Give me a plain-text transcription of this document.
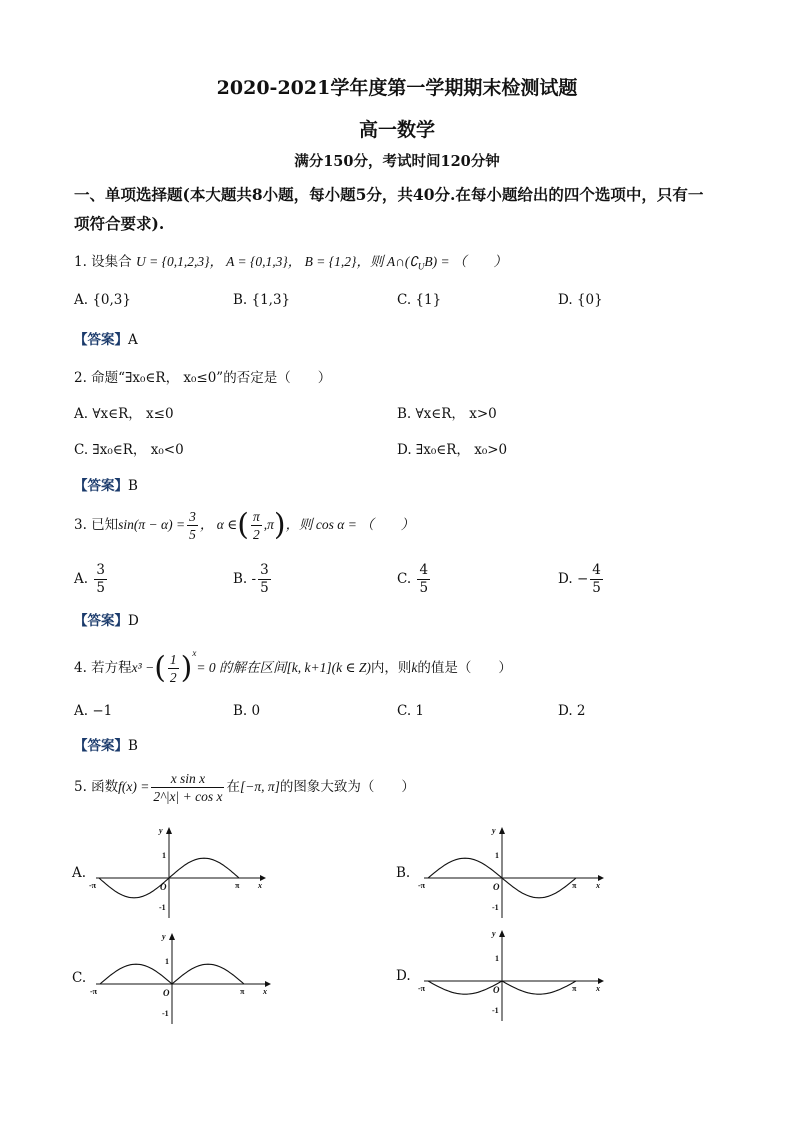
2020-2021学年度第一学期期末检测试题
高一数学
满分150分，考试时间120分钟
一、单项选择题(本大题共8小题，每小题5分，共40分.在每小题给出的四个选项中，只有一
项符合要求).
1. 设集合 U = {0,1,2,3}， A = {0,1,3}， B = {1,2}，则 $A\cap(∁_UB)$ = （　　）
A. {0,3}	B. {1,3}	C. {1}	D. {0}
【答案】A
2. 命题“∃x₀∈R， x₀≤0”的否定是（　　）
A. ∀x∈R， x≤0	B. ∀x∈R， x>0
C. ∃x₀∈R， x₀<0	D. ∃x₀∈R， x₀>0
【答案】B
3. 已知$\sin(\pi - \alpha) = \frac{3}{5}$ ， α ∈( $\frac{\pi}{2} ,\pi$)，则 cos α = （　　）
A. $\frac{3}{5}$	B. - $\frac{3}{5}$	C. $\frac{4}{5}$	D. − $\frac{4}{5}$
【答案】D
4. 若方程x³ −( $\frac{1}{2} )^x= 0$ 的解在区间[k, k+1](k ∈ Z)内，则k的值是（　　）
A. −1	B. 0	C. 1	D. 2
【答案】B
5. 函数$f(x) = \frac{\text{x sin x}}{\text{2\textasciicircum{}|x| + cos x}}$ 在[−π, π]的图象大致为（　　）
A.	B.
C.	D.
y
x
1
-1
O	π
-π
y
x
1
-1
O	π
-π
y
x
1
-1
O	π
-π
y
x
1
-1
O	π
-π
